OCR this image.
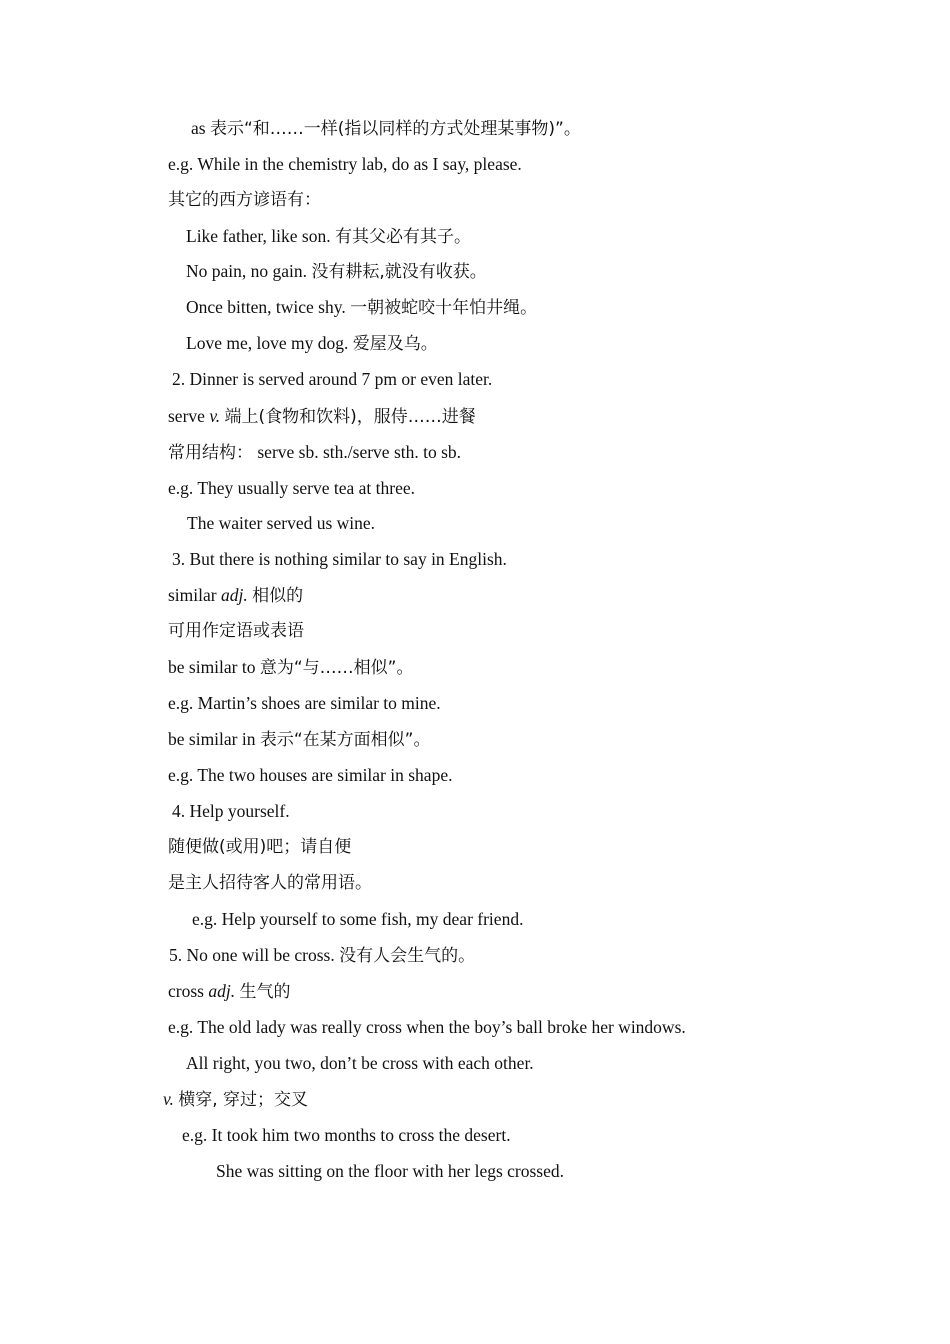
as 表示“和……一样(指以同样的方式处理某事物)”。
e.g. While in the chemistry lab, do as I say, please.
其它的西方谚语有：
Like father, like son. 有其父必有其子。
No pain, no gain. 没有耕耘,就没有收获。
Once bitten, twice shy. 一朝被蛇咬十年怕井绳。
Love me, love my dog. 爱屋及乌。
2. Dinner is served around 7 pm or even later.
serve v. 端上(食物和饮料)，服侍……进餐
常用结构： serve sb. sth./serve sth. to sb.
e.g. They usually serve tea at three.
The waiter served us wine.
3. But there is nothing similar to say in English.
similar adj. 相似的
可用作定语或表语
be similar to 意为“与……相似”。
e.g. Martin’s shoes are similar to mine.
be similar in 表示“在某方面相似”。
e.g. The two houses are similar in shape.
4. Help yourself.
随便做(或用)吧；请自便
是主人招待客人的常用语。
e.g. Help yourself to some fish, my dear friend.
5. No one will be cross. 没有人会生气的。
cross adj. 生气的
e.g. The old lady was really cross when the boy’s ball broke her windows.
All right, you two, don’t be cross with each other.
v. 横穿, 穿过；交叉
e.g. It took him two months to cross the desert.
She was sitting on the floor with her legs crossed.
